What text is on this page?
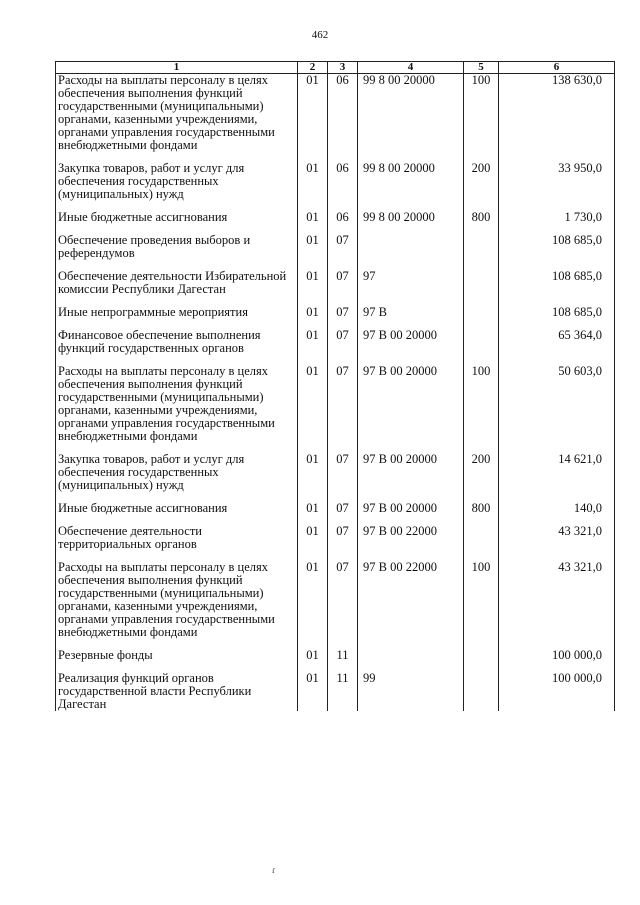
462
1	2	3	4	5	6
Расходы на выплаты персоналу в целях обеспечения выполнения функций государственными (муниципальными) органами, казенными учреждениями, органами управления государственными внебюджетными фондами	01	06	99 8 00 20000	100	138 630,0

Закупка товаров, работ и услуг для обеспечения государственных (муниципальных) нужд	01	06	99 8 00 20000	200	33 950,0

Иные бюджетные ассигнования	01	06	99 8 00 20000	800	1 730,0

Обеспечение проведения выборов и референдумов	01	07			108 685,0

Обеспечение деятельности Избирательной комиссии Республики Дагестан	01	07	97		108 685,0

Иные непрограммные мероприятия	01	07	97 В		108 685,0

Финансовое обеспечение выполнения функций государственных органов	01	07	97 В 00 20000		65 364,0

Расходы на выплаты персоналу в целях обеспечения выполнения функций государственными (муниципальными) органами, казенными учреждениями, органами управления государственными внебюджетными фондами	01	07	97 В 00 20000	100	50 603,0

Закупка товаров, работ и услуг для обеспечения государственных (муниципальных) нужд	01	07	97 В 00 20000	200	14 621,0

Иные бюджетные ассигнования	01	07	97 В 00 20000	800	140,0

Обеспечение деятельности территориальных органов	01	07	97 В 00 22000		43 321,0

Расходы на выплаты персоналу в целях обеспечения выполнения функций государственными (муниципальными) органами, казенными учреждениями, органами управления государственными внебюджетными фондами	01	07	97 В 00 22000	100	43 321,0

Резервные фонды	01	11			100 000,0

Реализация функций органов государственной власти Республики Дагестан	01	11	99		100 000,0
ɾ
